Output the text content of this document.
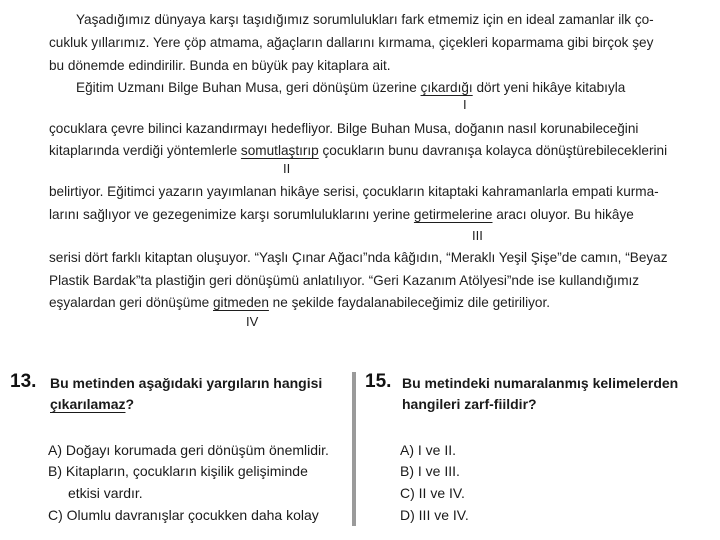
Yaşadığımız dünyaya karşı taşıdığımız sorumlulukları fark etmemiz için en ideal zamanlar ilk ço-
cukluk yıllarımız. Yere çöp atmama, ağaçların dallarını kırmama, çiçekleri koparmama gibi birçok şey
bu dönemde edindirilir. Bunda en büyük pay kitaplara ait.
Eğitim Uzmanı Bilge Buhan Musa, geri dönüşüm üzerine çıkardığı dört yeni hikâye kitabıyla
I
çocuklara çevre bilinci kazandırmayı hedefliyor. Bilge Buhan Musa, doğanın nasıl korunabileceğini
kitaplarında verdiği yöntemlerle somutlaştırıp çocukların bunu davranışa kolayca dönüştürebileceklerini
II
belirtiyor. Eğitimci yazarın yayımlanan hikâye serisi, çocukların kitaptaki kahramanlarla empati kurma-
larını sağlıyor ve gezegenimize karşı sorumluluklarını yerine getirmelerine aracı oluyor. Bu hikâye
III
serisi dört farklı kitaptan oluşuyor. “Yaşlı Çınar Ağacı”nda kâğıdın, “Meraklı Yeşil Şişe”de camın, “Beyaz
Plastik Bardak”ta plastiğin geri dönüşümü anlatılıyor. “Geri Kazanım Atölyesi”nde ise kullandığımız
eşyalardan geri dönüşüme gitmeden ne şekilde faydalanabileceğimiz dile getiriliyor.
IV
13. Bu metinden aşağıdaki yargıların hangisi
çıkarılamaz?
A) Doğayı korumada geri dönüşüm önemlidir.
B) Kitapların, çocukların kişilik gelişiminde
etkisi vardır.
C) Olumlu davranışlar çocukken daha kolay
15. Bu metindeki numaralanmış kelimelerden
hangileri zarf-fiildir?
A) I ve II.
B) I ve III.
C) II ve IV.
D) III ve IV.
